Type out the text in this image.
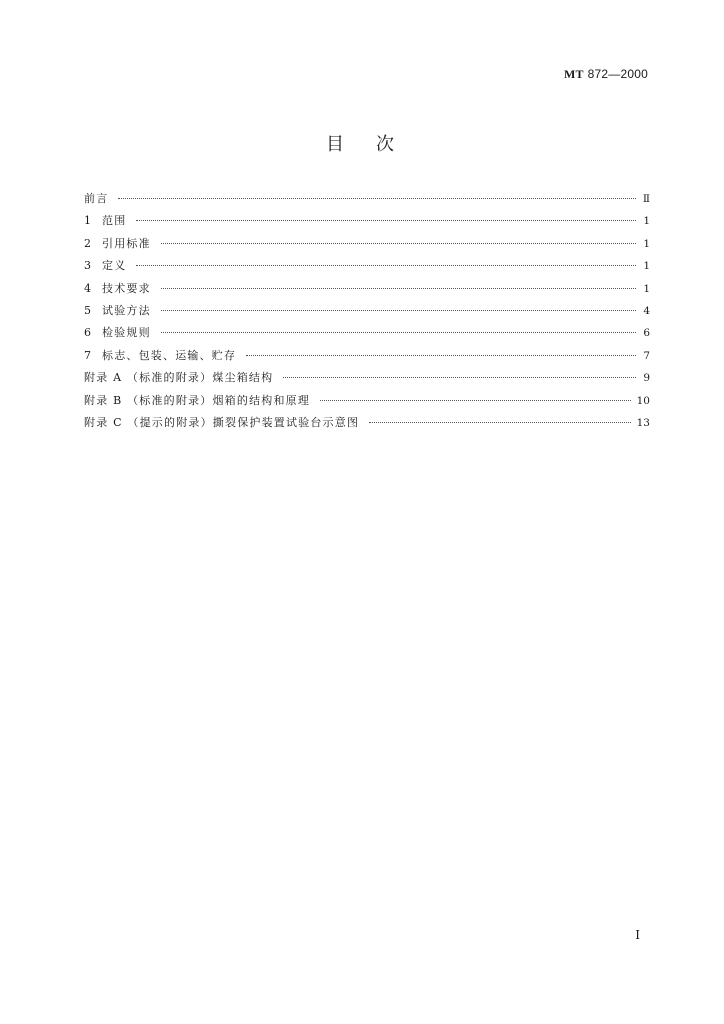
MT 872—2000
目次
前言	Ⅱ
1	范围	1
2	引用标准	1
3	定义	1
4	技术要求	1
5	试验方法	4
6	检验规则	6
7	标志、包装、运输、贮存	7
附录 A （标准的附录）煤尘箱结构	9
附录 B （标准的附录）烟箱的结构和原理	10
附录 C （提示的附录）撕裂保护装置试验台示意图	13
Ⅰ
